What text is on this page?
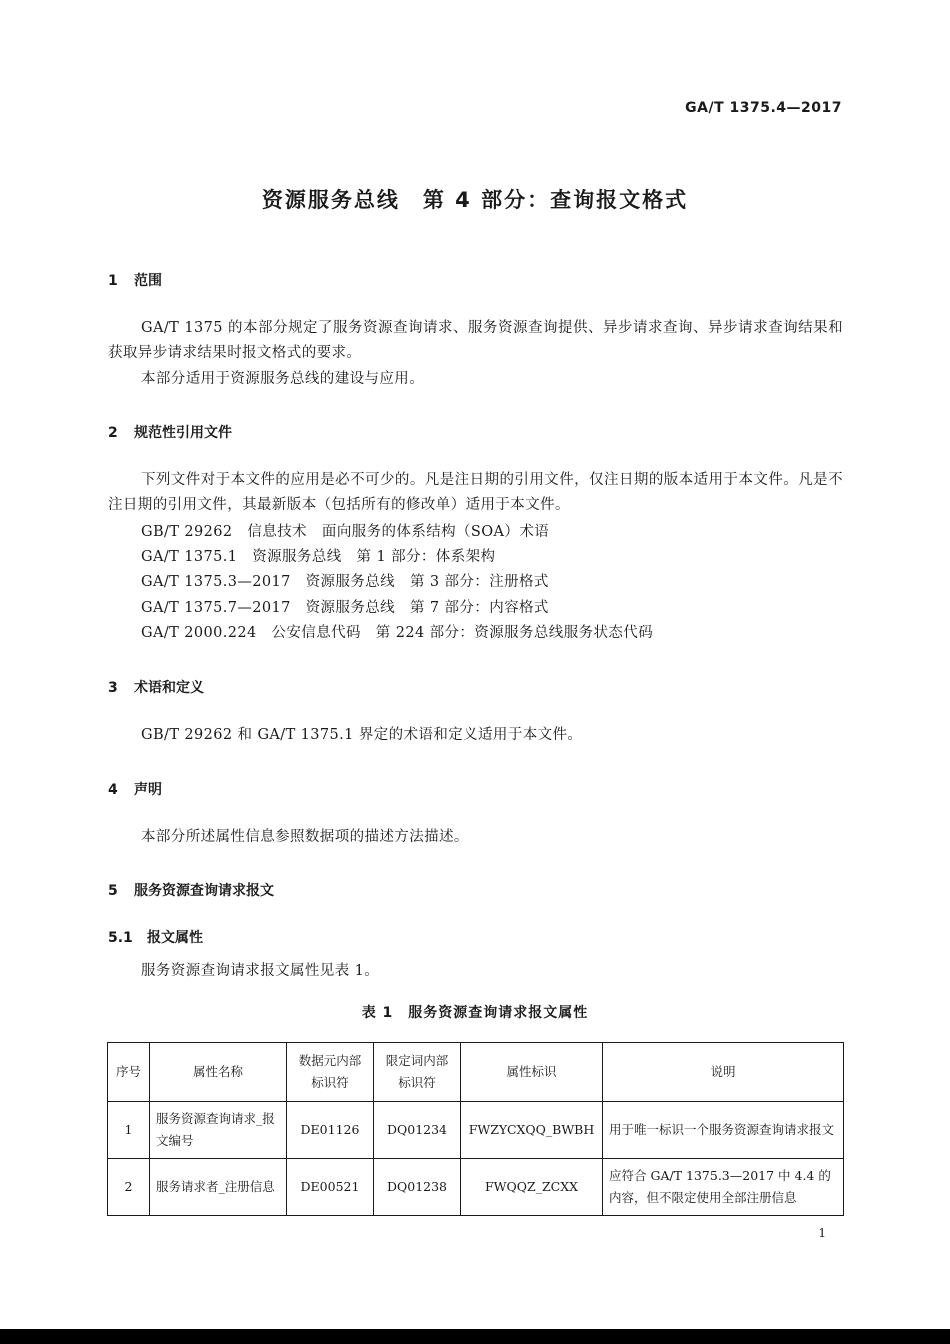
GA/T 1375.4—2017
资源服务总线　第 4 部分：查询报文格式
1 范围
GA/T 1375 的本部分规定了服务资源查询请求、服务资源查询提供、异步请求查询、异步请求查询结果和获取异步请求结果时报文格式的要求。
本部分适用于资源服务总线的建设与应用。
2 规范性引用文件
下列文件对于本文件的应用是必不可少的。凡是注日期的引用文件，仅注日期的版本适用于本文件。凡是不注日期的引用文件，其最新版本（包括所有的修改单）适用于本文件。
GB/T 29262　信息技术　面向服务的体系结构（SOA）术语
GA/T 1375.1　资源服务总线　第 1 部分：体系架构
GA/T 1375.3—2017　资源服务总线　第 3 部分：注册格式
GA/T 1375.7—2017　资源服务总线　第 7 部分：内容格式
GA/T 2000.224　公安信息代码　第 224 部分：资源服务总线服务状态代码
3 术语和定义
GB/T 29262 和 GA/T 1375.1 界定的术语和定义适用于本文件。
4 声明
本部分所述属性信息参照数据项的描述方法描述。
5 服务资源查询请求报文
5.1 报文属性
服务资源查询请求报文属性见表 1。
表 1　服务资源查询请求报文属性
序号	属性名称	数据元内部标识符	限定词内部标识符	属性标识	说明
1	服务资源查询请求_报文编号	DE01126	DQ01234	FWZYCXQQ_BWBH	用于唯一标识一个服务资源查询请求报文
2	服务请求者_注册信息	DE00521	DQ01238	FWQQZ_ZCXX	应符合 GA/T 1375.3—2017 中 4.4 的内容，但不限定使用全部注册信息
1
